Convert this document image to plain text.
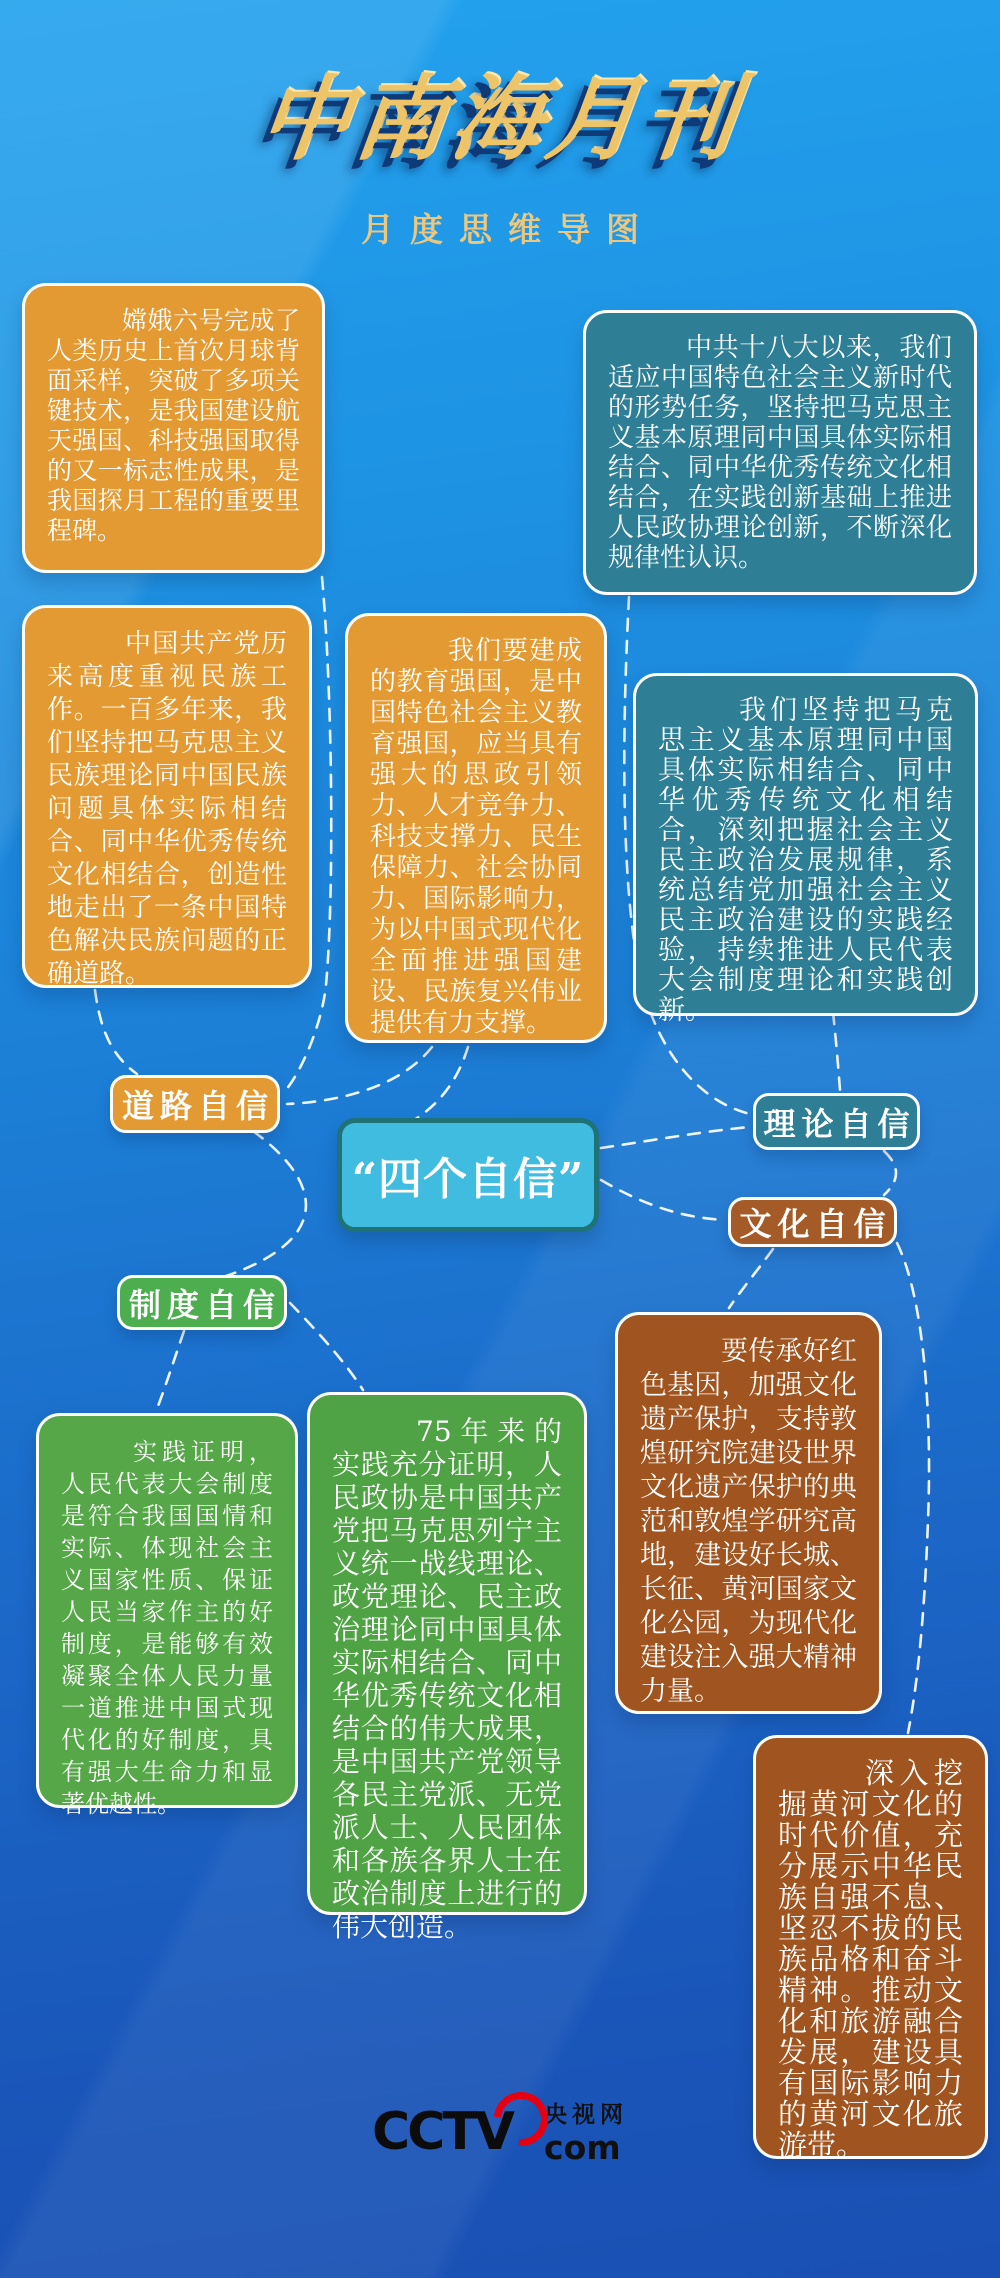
中南海月刊
月度思维导图

嫦娥六号完成了人类历史上首次月球背面采样，突破了多项关键技术，是我国建设航天强国、科技强国取得的又一标志性成果，是我国探月工程的重要里程碑。

中共十八大以来，我们适应中国特色社会主义新时代的形势任务，坚持把马克思主义基本原理同中国具体实际相结合、同中华优秀传统文化相结合，在实践创新基础上推进人民政协理论创新，不断深化规律性认识。

中国共产党历来高度重视民族工作。一百多年来，我们坚持把马克思主义民族理论同中国民族问题具体实际相结合、同中华优秀传统文化相结合，创造性地走出了一条中国特色解决民族问题的正确道路。

我们要建成的教育强国，是中国特色社会主义教育强国，应当具有强大的思政引领力、人才竞争力、科技支撑力、民生保障力、社会协同力、国际影响力，为以中国式现代化全面推进强国建设、民族复兴伟业提供有力支撑。

我们坚持把马克思主义基本原理同中国具体实际相结合、同中华优秀传统文化相结合，深刻把握社会主义民主政治发展规律，系统总结党加强社会主义民主政治建设的实践经验，持续推进人民代表大会制度理论和实践创新。

实践证明，人民代表大会制度是符合我国国情和实际、体现社会主义国家性质、保证人民当家作主的好制度，是能够有效凝聚全体人民力量一道推进中国式现代化的好制度，具有强大生命力和显著优越性。

75年来的实践充分证明，人民政协是中国共产党把马克思列宁主义统一战线理论、政党理论、民主政治理论同中国具体实际相结合、同中华优秀传统文化相结合的伟大成果，是中国共产党领导各民主党派、无党派人士、人民团体和各族各界人士在政治制度上进行的伟大创造。

要传承好红色基因，加强文化遗产保护，支持敦煌研究院建设世界文化遗产保护的典范和敦煌学研究高地，建设好长城、长征、黄河国家文化公园，为现代化建设注入强大精神力量。

深入挖掘黄河文化的时代价值，充分展示中华民族自强不息、坚忍不拔的民族品格和奋斗精神。推动文化和旅游融合发展，建设具有国际影响力的黄河文化旅游带。

道路自信	理论自信
文化自信
制度自信
“四个自信”
CCTV 央视网
com
